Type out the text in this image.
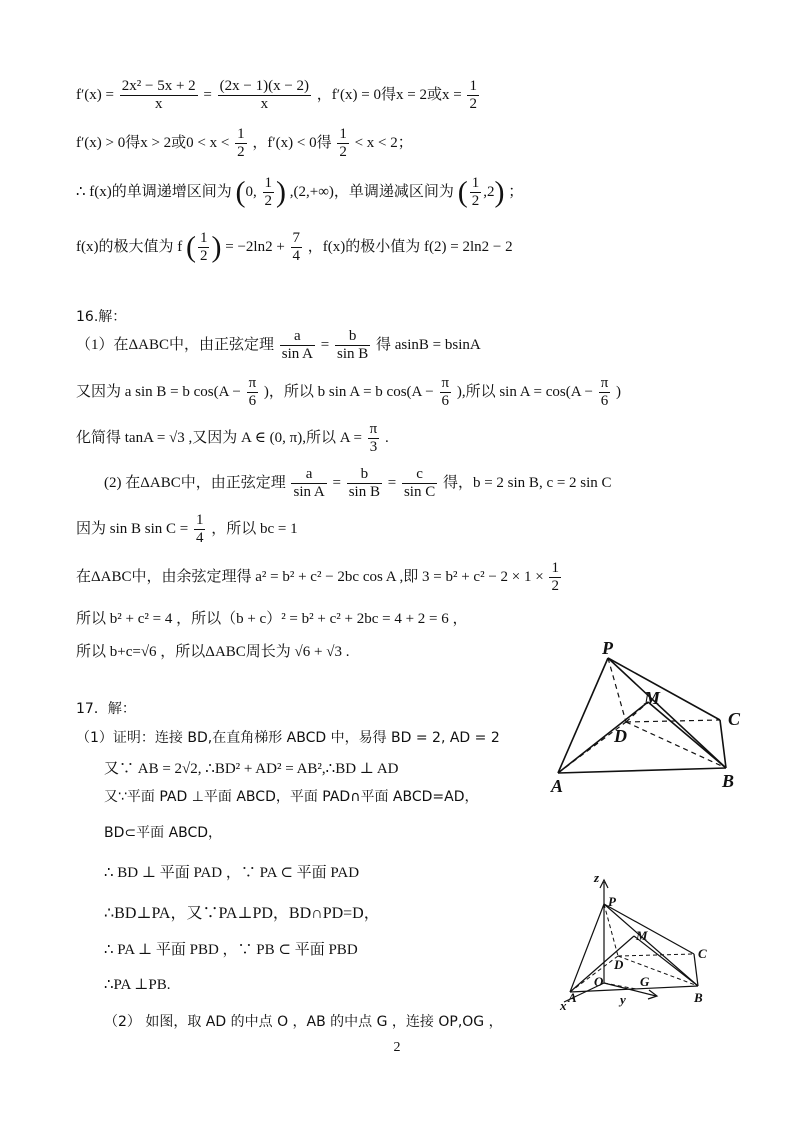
$f'(x) = \frac{\text{2x² − 5x + 2}}{x} = \frac{(2x - 1)(x - 2)}{x}$ ，f′(x) = 0得x = 2或$x = \frac{1}{2}$
f′(x) > 0得x > 2或$0 < x < \frac{1}{2}$ ，f′(x) < 0得 $\frac{1}{2} < x < 2$；
∴ f(x)的单调递增区间为 (0, $\frac{1}{2}$ ) ,(2,+∞)，单调递减区间为 ( $\frac{1}{2} ,2$) ；
f(x)的极大值为 f ( $\frac{1}{2}$ ) = $-2\ln 2 + \frac{7}{4}$ ，f(x)的极小值为 f(2) = 2ln2 − 2
16.解：
（1）在ΔABC中，由正弦定理 $\frac{a}{\text{sin A}} = \frac{b}{\text{sin B}}$ 得 asinB = bsinA
又因为 a sin B = b $\cos(A - \frac{\pi}{6}$ )，所以 b sin A = b $\cos(A - \frac{\pi}{6}$ ),所以 $\sin A = \cos(A - \frac{\pi}{6}$ )
化简得 tanA = √3 ,又因为 A ∈ (0, π),所以 $A = \frac{\pi}{3}$ .
(2) 在ΔABC中，由正弦定理 $\frac{a}{\text{sin A}} = \frac{b}{\text{sin B}} = \frac{c}{\text{sin C}}$ 得，b = 2 sin B, c = 2 sin C
因为 sin B $\sin C = \frac{1}{4}$ ，所以 bc = 1
在ΔABC中，由余弦定理得 a² = b² + c² − 2bc cos A ,即 $3 = b^2 + c^2 - 2 \times 1 \times \frac{1}{2}$
所以 b² + c² = 4 ，所以（b + c）² = b² + c² + 2bc = 4 + 2 = 6 ，
所以 b+c=√6 ，所以ΔABC周长为 √6 + √3 .
17．解：
（1）证明：连接 BD,在直角梯形 ABCD 中，易得 BD = 2, AD = 2
又∵ AB = 2√2, ∴BD² + AD² = AB²,∴BD ⊥ AD
又∵平面 PAD ⊥平面 ABCD，平面 PAD∩平面 ABCD=AD，
BD⊂平面 ABCD，
∴ BD ⊥ 平面 PAD ，∵ PA ⊂ 平面 PAD
∴BD⊥PA，又∵PA⊥PD，BD∩PD=D，
∴ PA ⊥ 平面 PBD ，∵ PB ⊂ 平面 PBD
∴PA ⊥PB.
（2） 如图，取 AD 的中点 O ，AB 的中点 G ，连接 OP,OG ，
P
M
C
D
A	B
z
P
M
C
D
O	G
A
x	y	B
2
